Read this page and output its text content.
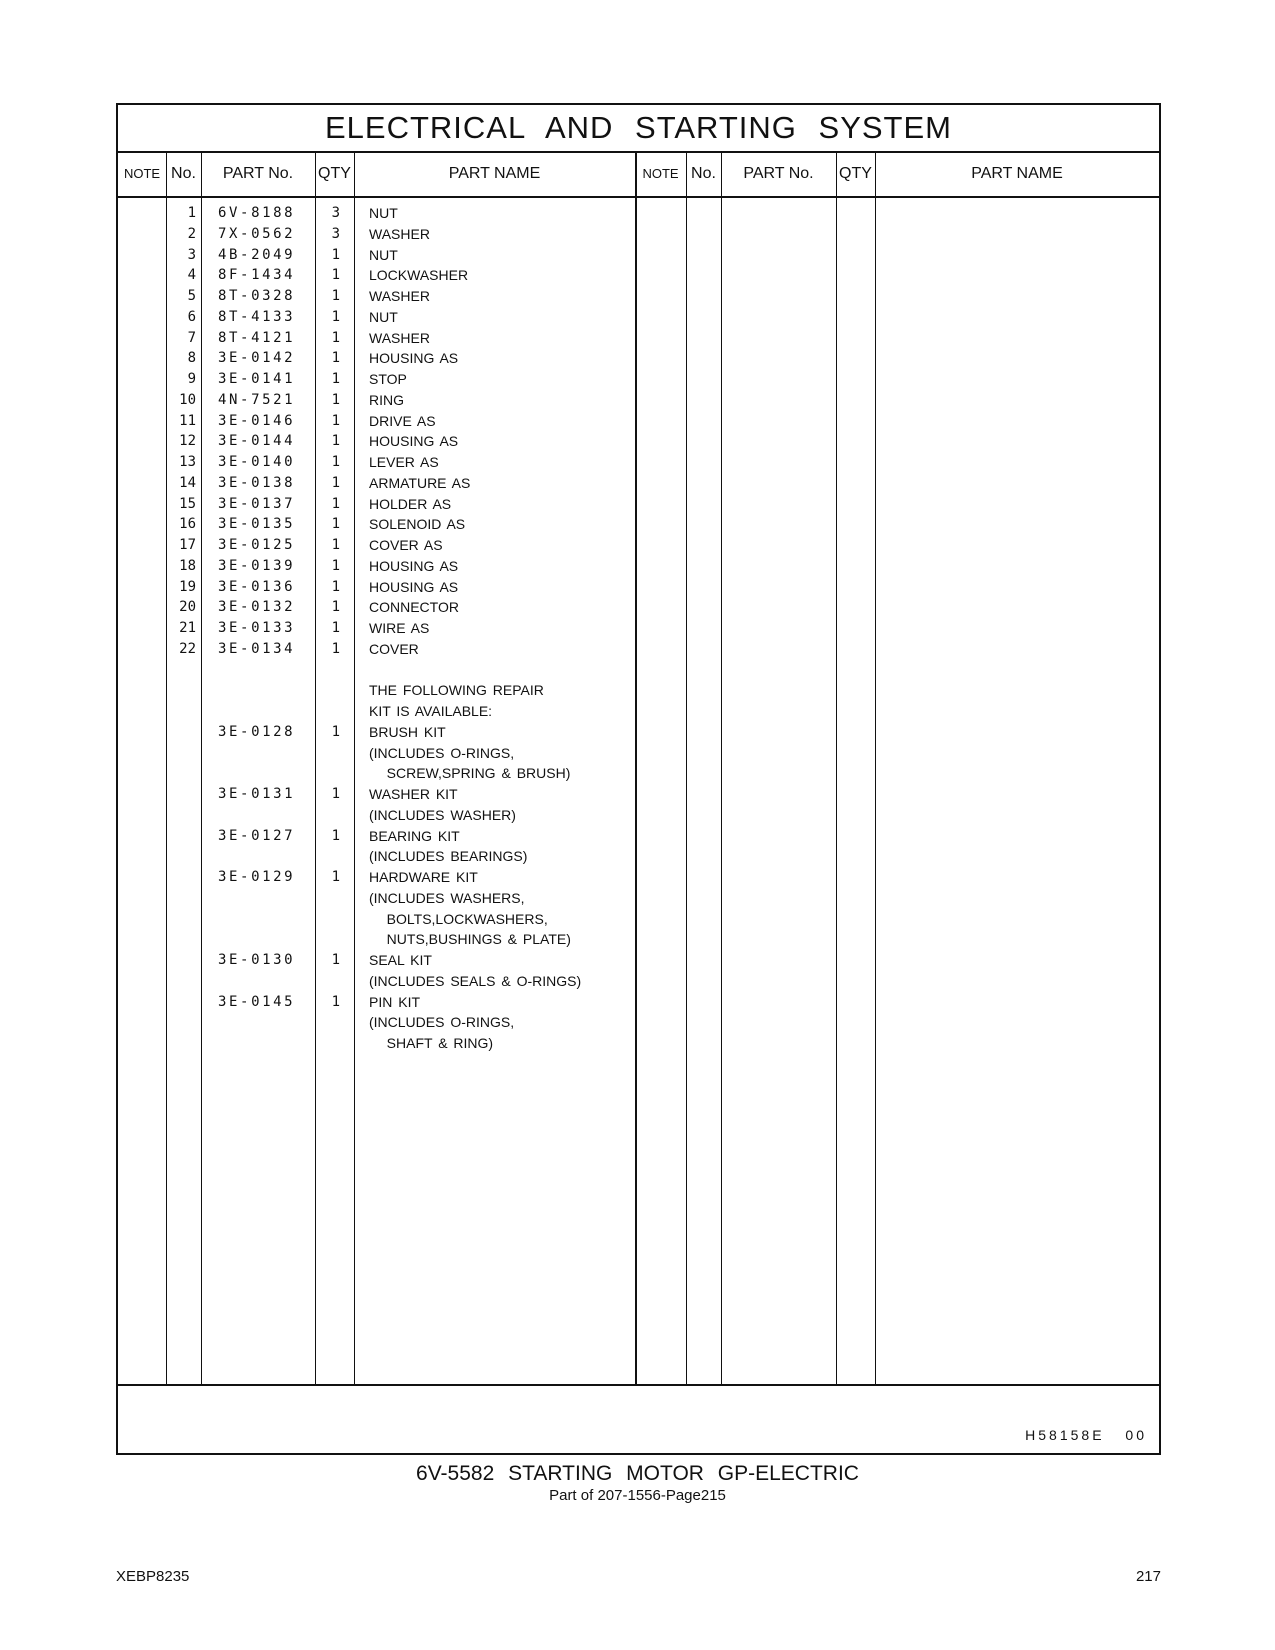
ELECTRICAL AND STARTING SYSTEM
NOTE No.	PART No.	QTY	PART NAME	NOTE No.	PART No.	QTY	PART NAME
1 6V-8188	3 NUT
2 7X-0562	3 WASHER
3 4B-2049	1 NUT
4 8F-1434	1 LOCKWASHER
5 8T-0328	1 WASHER
6 8T-4133	1 NUT
7 8T-4121	1 WASHER
8 3E-0142	1 HOUSING AS
9 3E-0141	1 STOP
10 4N-7521	1 RING
11 3E-0146	1 DRIVE AS
12 3E-0144	1 HOUSING AS
13 3E-0140	1 LEVER AS
14 3E-0138	1 ARMATURE AS
15 3E-0137	1 HOLDER AS
16 3E-0135	1 SOLENOID AS
17 3E-0125	1 COVER AS
18 3E-0139	1 HOUSING AS
19 3E-0136	1 HOUSING AS
20 3E-0132	1 CONNECTOR
21 3E-0133	1 WIRE AS
22 3E-0134	1 COVER
THE FOLLOWING REPAIR
KIT IS AVAILABLE:
3E-0128	1 BRUSH KIT
(INCLUDES O-RINGS,
SCREW,SPRING & BRUSH)
3E-0131	1 WASHER KIT
(INCLUDES WASHER)
3E-0127	1 BEARING KIT
(INCLUDES BEARINGS)
3E-0129	1 HARDWARE KIT
(INCLUDES WASHERS,
BOLTS,LOCKWASHERS,
NUTS,BUSHINGS & PLATE)
3E-0130	1 SEAL KIT
(INCLUDES SEALS & O-RINGS)
3E-0145	1 PIN KIT
(INCLUDES O-RINGS,
SHAFT & RING)
H58158E 00
6V-5582 STARTING MOTOR GP-ELECTRIC
Part of 207-1556-Page215
XEBP8235	217
